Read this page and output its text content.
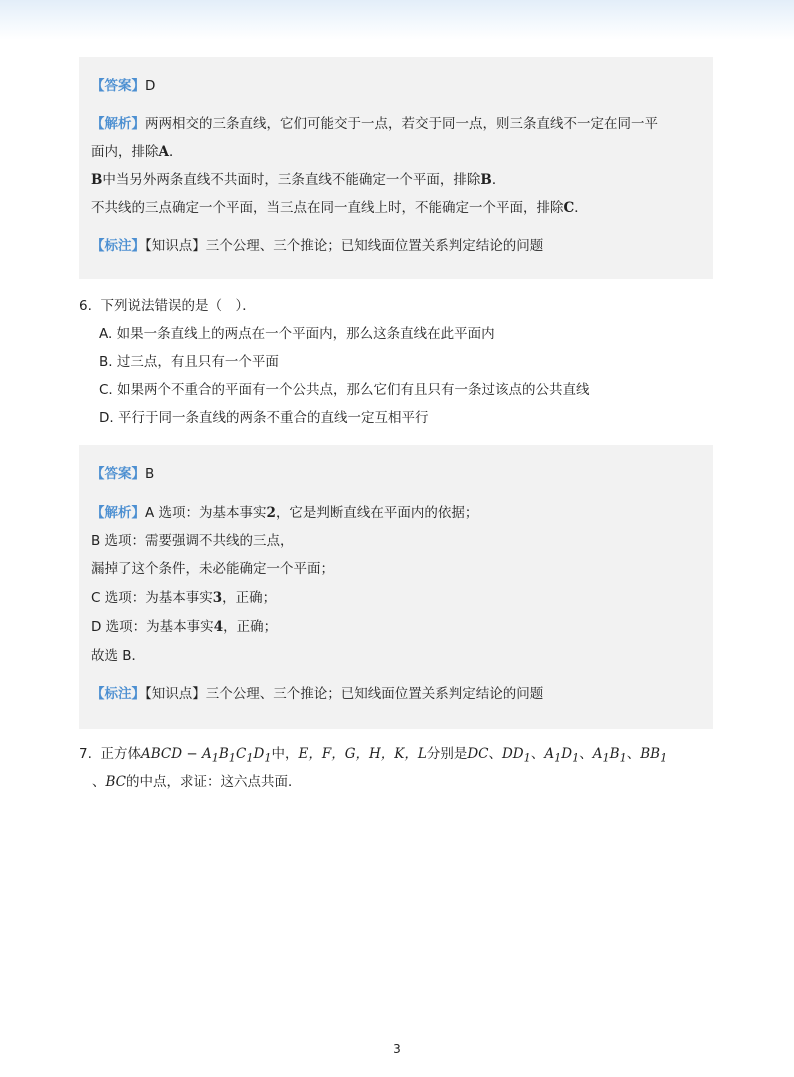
【答案】D
【解析】两两相交的三条直线，它们可能交于一点，若交于同一点，则三条直线不一定在同一平
面内，排除A．
B中当另外两条直线不共面时，三条直线不能确定一个平面，排除B．
不共线的三点确定一个平面，当三点在同一直线上时，不能确定一个平面，排除C．
【标注】【知识点】三个公理、三个推论；已知线面位置关系判定结论的问题
6. 下列说法错误的是（　）．
A. 如果一条直线上的两点在一个平面内，那么这条直线在此平面内
B. 过三点，有且只有一个平面
C. 如果两个不重合的平面有一个公共点，那么它们有且只有一条过该点的公共直线
D. 平行于同一条直线的两条不重合的直线一定互相平行
【答案】B
【解析】A 选项：为基本事实2，它是判断直线在平面内的依据；
B 选项：需要强调不共线的三点，
漏掉了这个条件，未必能确定一个平面；
C 选项：为基本事实3，正确；
D 选项：为基本事实4，正确；
故选 B．
【标注】【知识点】三个公理、三个推论；已知线面位置关系判定结论的问题
7. 正方体ABCD − $A_1B_1C_1D_1$中，E，F，G，H，K，L分别是DC、$DD_1$、$A_1D_1$、$A_1B_1$、$BB_1$
、BC的中点，求证：这六点共面．
3
